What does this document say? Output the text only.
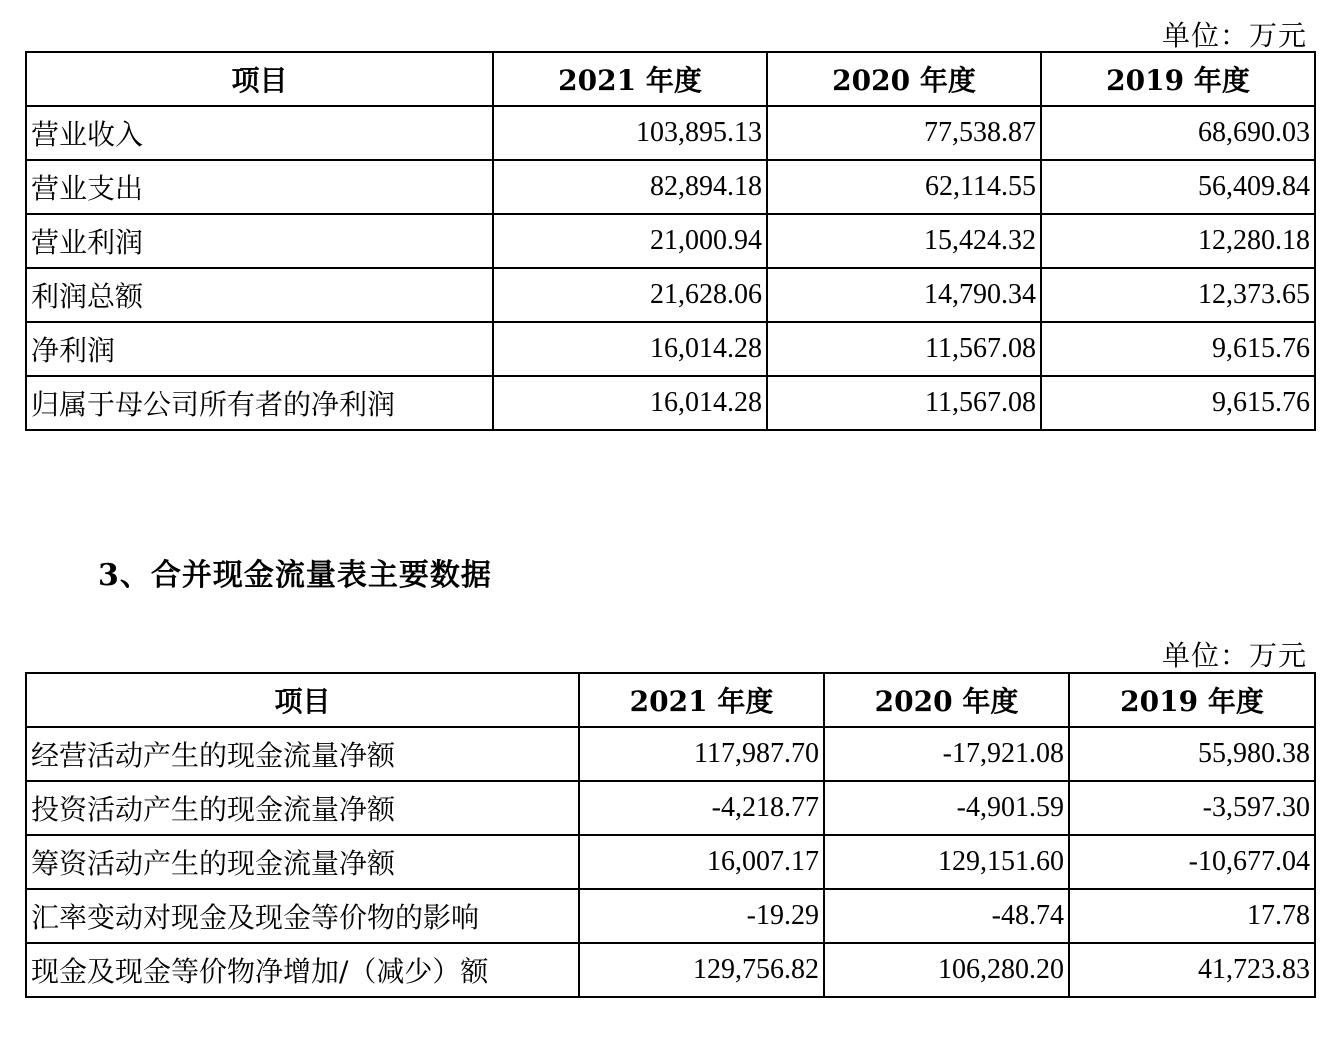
单位：万元
项目	2021 年度	2020 年度	2019 年度
营业收入	103,895.13	77,538.87	68,690.03
营业支出	82,894.18	62,114.55	56,409.84
营业利润	21,000.94	15,424.32	12,280.18
利润总额	21,628.06	14,790.34	12,373.65
净利润	16,014.28	11,567.08	9,615.76
归属于母公司所有者的净利润	16,014.28	11,567.08	9,615.76
3、合并现金流量表主要数据
单位：万元
项目	2021 年度	2020 年度	2019 年度
经营活动产生的现金流量净额	117,987.70	-17,921.08	55,980.38
投资活动产生的现金流量净额	-4,218.77	-4,901.59	-3,597.30
筹资活动产生的现金流量净额	16,007.17	129,151.60	-10,677.04
汇率变动对现金及现金等价物的影响	-19.29	-48.74	17.78
现金及现金等价物净增加/（减少）额	129,756.82	106,280.20	41,723.83
